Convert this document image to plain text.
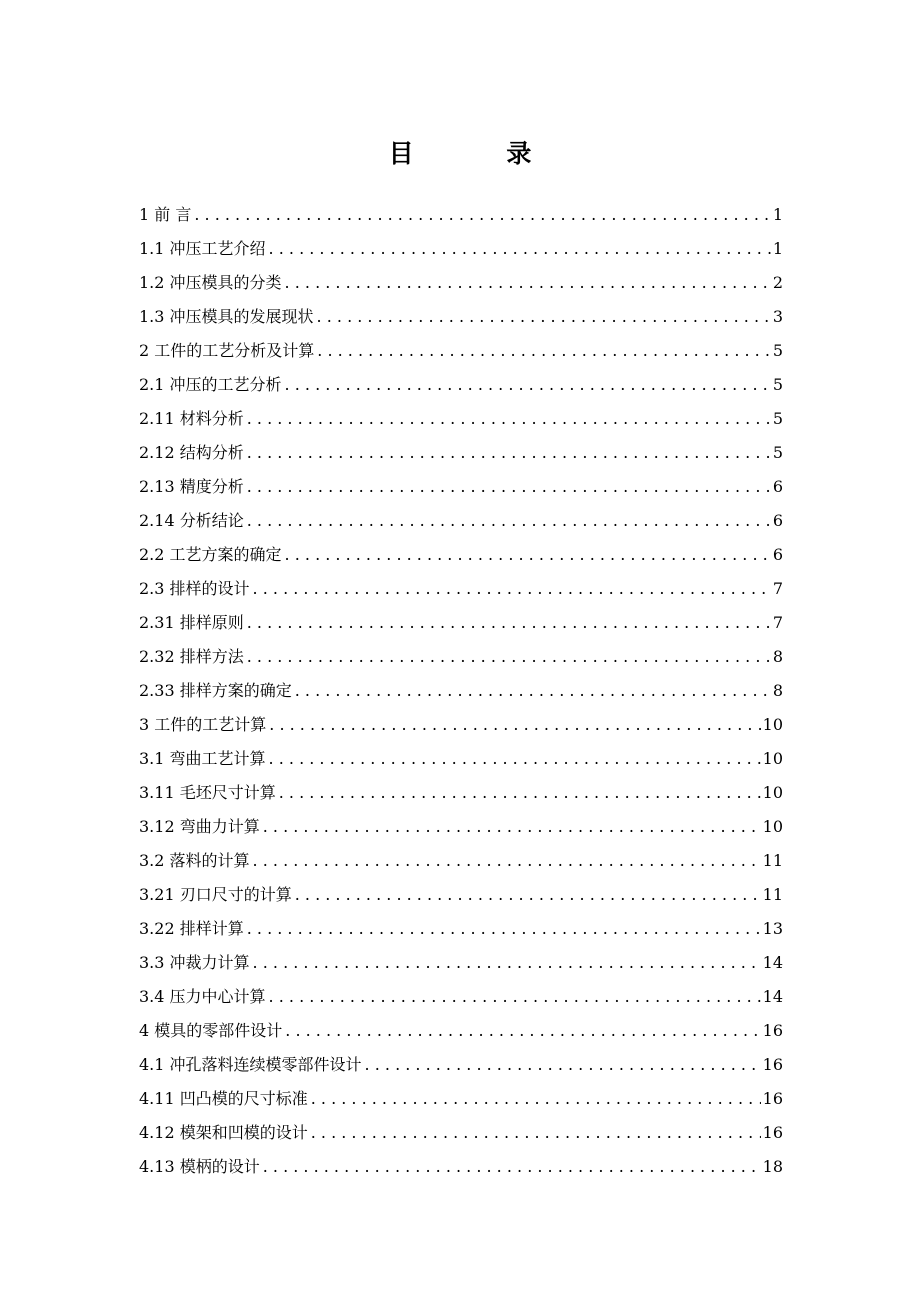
目 录
1 前 言 . . .	1
1.1 冲压工艺介绍 . . .	1
1.2 冲压模具的分类 . . .	2
1.3 冲压模具的发展现状 . . .	3
2 工件的工艺分析及计算 . . .	5
2.1 冲压的工艺分析 . . .	5
2.11 材料分析 . . .	5
2.12 结构分析 . . .	5
2.13 精度分析 . . .	6
2.14 分析结论 . . .	6
2.2 工艺方案的确定 . . .	6
2.3 排样的设计 . . .	7
2.31 排样原则 . . .	7
2.32 排样方法 . . .	8
2.33 排样方案的确定 . . .	8
3 工件的工艺计算 . . .	10
3.1 弯曲工艺计算 . . .	10
3.11 毛坯尺寸计算 . . .	10
3.12 弯曲力计算 . . .	10
3.2 落料的计算 . . .	11
3.21 刃口尺寸的计算 . . .	11
3.22 排样计算 . . .	13
3.3 冲裁力计算 . . .	14
3.4 压力中心计算 . . .	14
4 模具的零部件设计 . . .	16
4.1 冲孔落料连续模零部件设计 . . .	16
4.11 凹凸模的尺寸标准 . . .	16
4.12 模架和凹模的设计 . . .	16
4.13 模柄的设计 . . .	18
